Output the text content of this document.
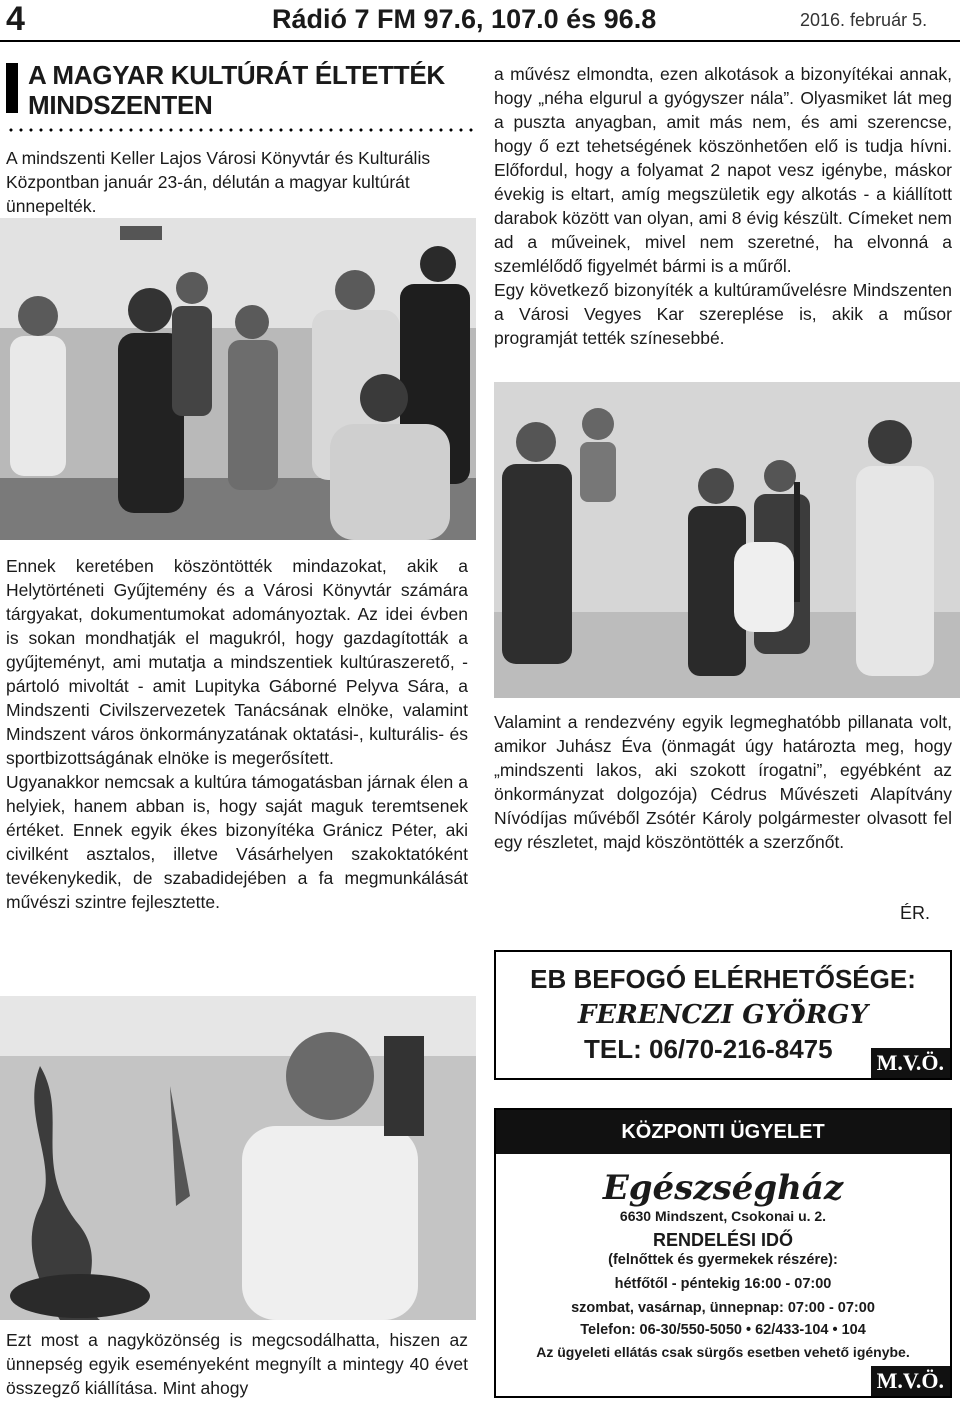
4	Rádió 7 FM 97.6, 107.0 és 96.8	2016. február 5.
A MAGYAR KULTÚRÁT ÉLTETTÉK
MINDSZENTEN
A mindszenti Keller Lajos Városi Könyvtár és Kulturális Központban január 23-án, délután a magyar kultúrát ünnepelték.

Ennek keretében köszöntötték mindazokat, akik a Helytörténeti Gyűjtemény és a Városi Könyvtár számára tárgyakat, dokumentumokat adományoztak. Az idei évben is sokan mondhatják el magukról, hogy gazdagították a gyűjteményt, ami mutatja a mindszentiek kultúraszerető, - pártoló mivoltát - amit Lupityka Gáborné Pelyva Sára, a Mindszenti Civilszervezetek Tanácsának elnöke, valamint Mindszent város önkormányzatának oktatási-, kulturális- és sportbizottságának elnöke is megerősített.

Ugyanakkor nemcsak a kultúra támogatásban járnak élen a helyiek, hanem abban is, hogy saját maguk teremtsenek értéket. Ennek egyik ékes bizonyítéka Gránicz Péter, aki civilként asztalos, illetve Vásárhelyen szakoktatóként tevékenykedik, de szabadidejében a fa megmunkálását művészi szintre fejlesztette.

Ezt most a nagyközönség is megcsodálhatta, hiszen az ünnepség egyik eseményeként megnyílt a mintegy 40 évet összegző kiállítása. Mint ahogy

a művész elmondta, ezen alkotások a bizonyítékai annak, hogy „néha elgurul a gyógyszer nála”. Olyasmiket lát meg a puszta anyagban, amit más nem, és ami szerencse, hogy ő ezt tehetségének köszönhetően elő is tudja hívni. Előfordul, hogy a folyamat 2 napot vesz igénybe, máskor évekig is eltart, amíg megszületik egy alkotás - a kiállított darabok között van olyan, ami 8 évig készült. Címeket nem ad a műveinek, mivel nem szeretné, ha elvonná a szemlélődő figyelmét bármi is a műről.

Egy következő bizonyíték a kultúraművelésre Mindszenten a Városi Vegyes Kar szereplése is, akik a műsor programját tették színesebbé.

Valamint a rendezvény egyik legmeghatóbb pillanata volt, amikor Juhász Éva (önmagát úgy határozta meg, hogy „mindszenti lakos, aki szokott írogatni”, egyébként az önkormányzat dolgozója) Cédrus Művészeti Alapítvány Nívódíjas művéből Zsótér Károly polgármester olvasott fel egy részletet, majd köszöntötték a szerzőnőt.

ÉR.
EB BEFOGÓ ELÉRHETŐSÉGE:
FERENCZI GYÖRGY
TEL: 06/70-216-8475 M.V.Ö.
KÖZPONTI ÜGYELET
Egészségház
6630 Mindszent, Csokonai u. 2.
RENDELÉSI IDŐ
(felnőttek és gyermekek részére):
hétfőtől - péntekig 16:00 - 07:00
szombat, vasárnap, ünnepnap: 07:00 - 07:00
Telefon: 06-30/550-5050 • 62/433-104 • 104
Az ügyeleti ellátás csak sürgős esetben vehető igénybe.
M.V.Ö.
